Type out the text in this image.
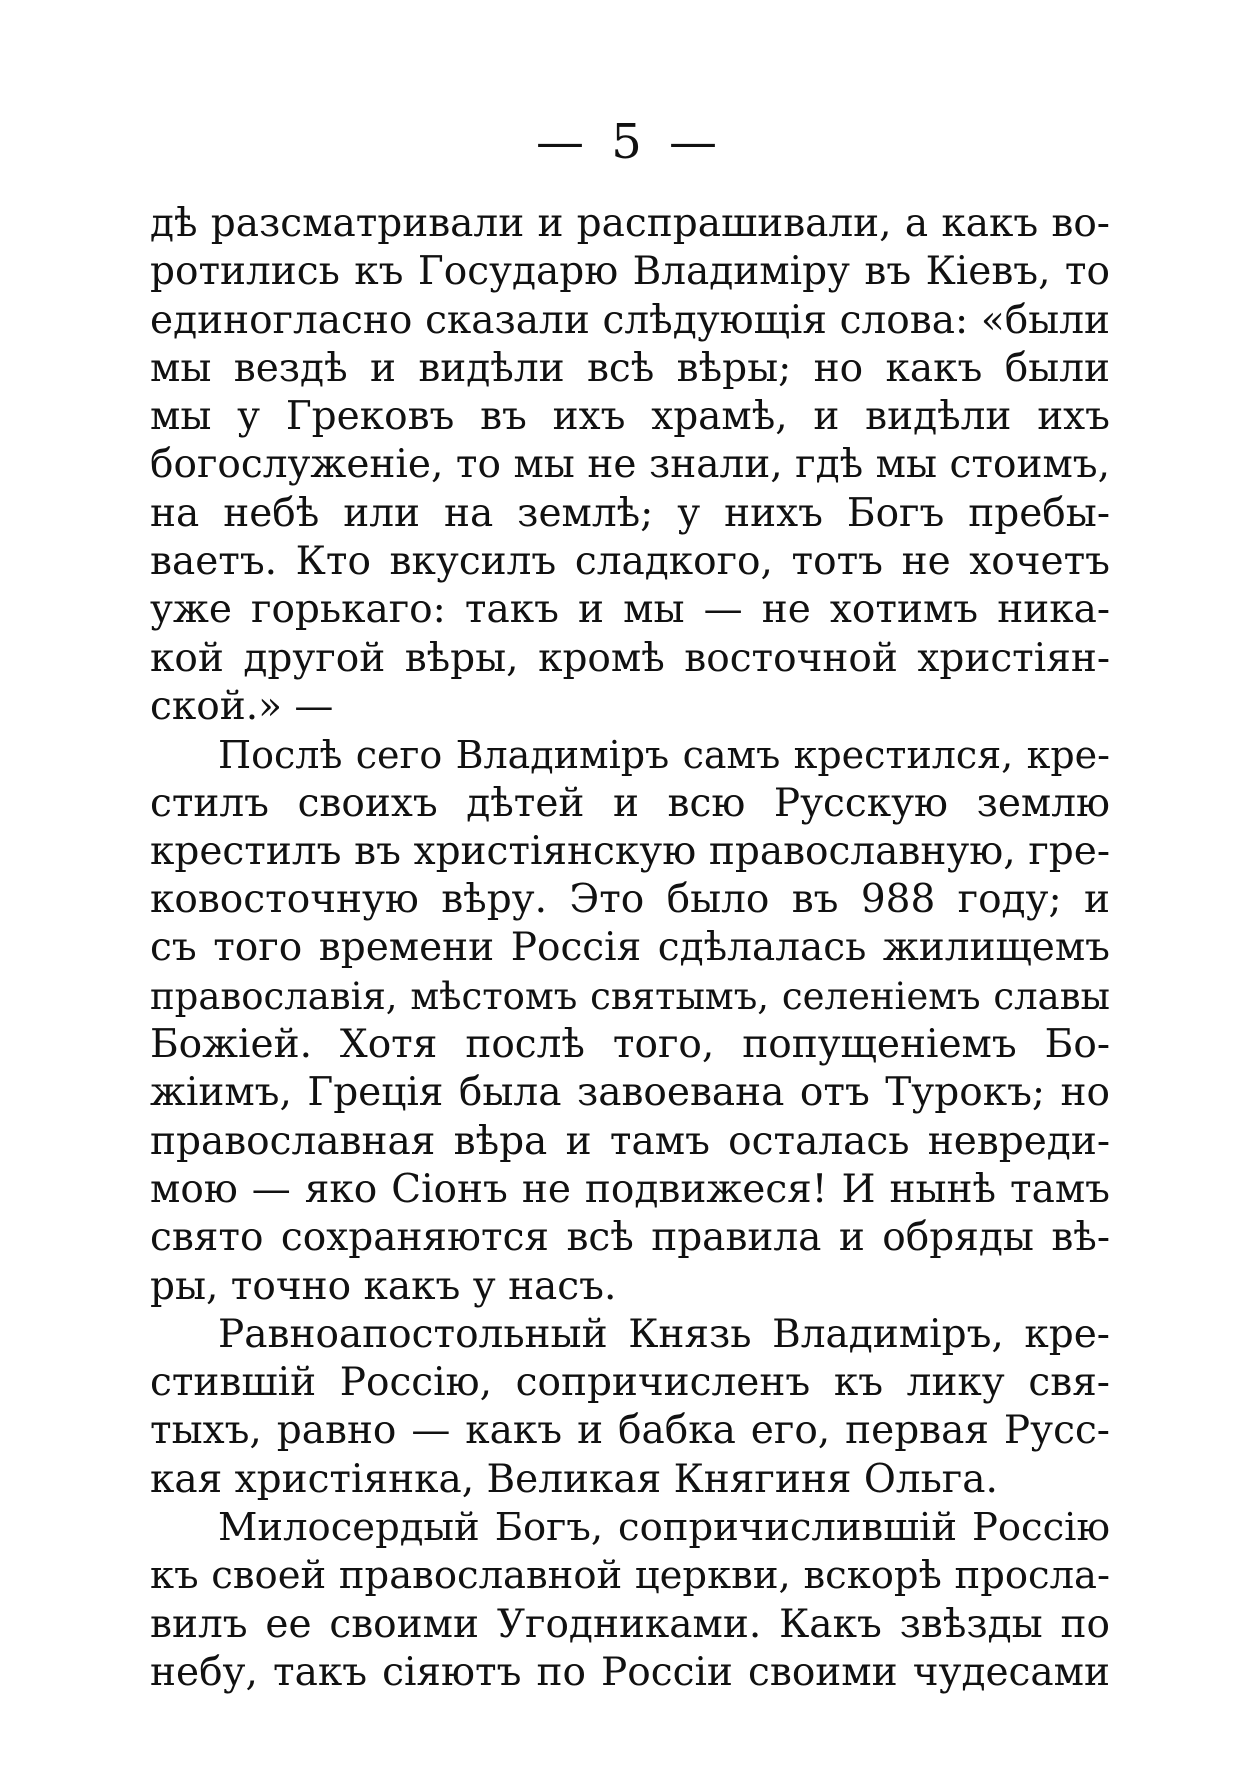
— 5 —
дѣ разсматривали и распрашивали, а какъ во-
ротились къ Государю Владиміру въ Кіевъ, то
единогласно сказали слѣдующія слова: «были
мы вездѣ и видѣли всѣ вѣры; но какъ были
мы у Грековъ въ ихъ храмѣ, и видѣли ихъ
богослуженіе, то мы не знали, гдѣ мы стоимъ,
на небѣ или на землѣ; у нихъ Богъ пребы-
ваетъ. Кто вкусилъ сладкого, тотъ не хочетъ
уже горькаго: такъ и мы — не хотимъ ника-
кой другой вѣры, кромѣ восточной христіян-
ской.» —
Послѣ сего Владиміръ самъ крестился, кре-
стилъ своихъ дѣтей и всю Русскую землю
крестилъ въ христіянскую православную, гре-
ковосточную вѣру. Это было въ 988 году; и
съ того времени Россія сдѣлалась жилищемъ
православія, мѣстомъ святымъ, селеніемъ славы
Божіей. Хотя послѣ того, попущеніемъ Бо-
жіимъ, Греція была завоевана отъ Турокъ; но
православная вѣра и тамъ осталась невреди-
мою — яко Сіонъ не подвижеся! И нынѣ тамъ
свято сохраняются всѣ правила и обряды вѣ-
ры, точно какъ у насъ.
Равноапостольный Князь Владиміръ, кре-
стившій Россію, сопричисленъ къ лику свя-
тыхъ, равно — какъ и бабка его, первая Русс-
кая христіянка, Великая Княгиня Ольга.
Милосердый Богъ, сопричислившій Россію
къ своей православной церкви, вскорѣ просла-
вилъ ее своими Угодниками. Какъ звѣзды по
небу, такъ сіяютъ по Россіи своими чудесами
